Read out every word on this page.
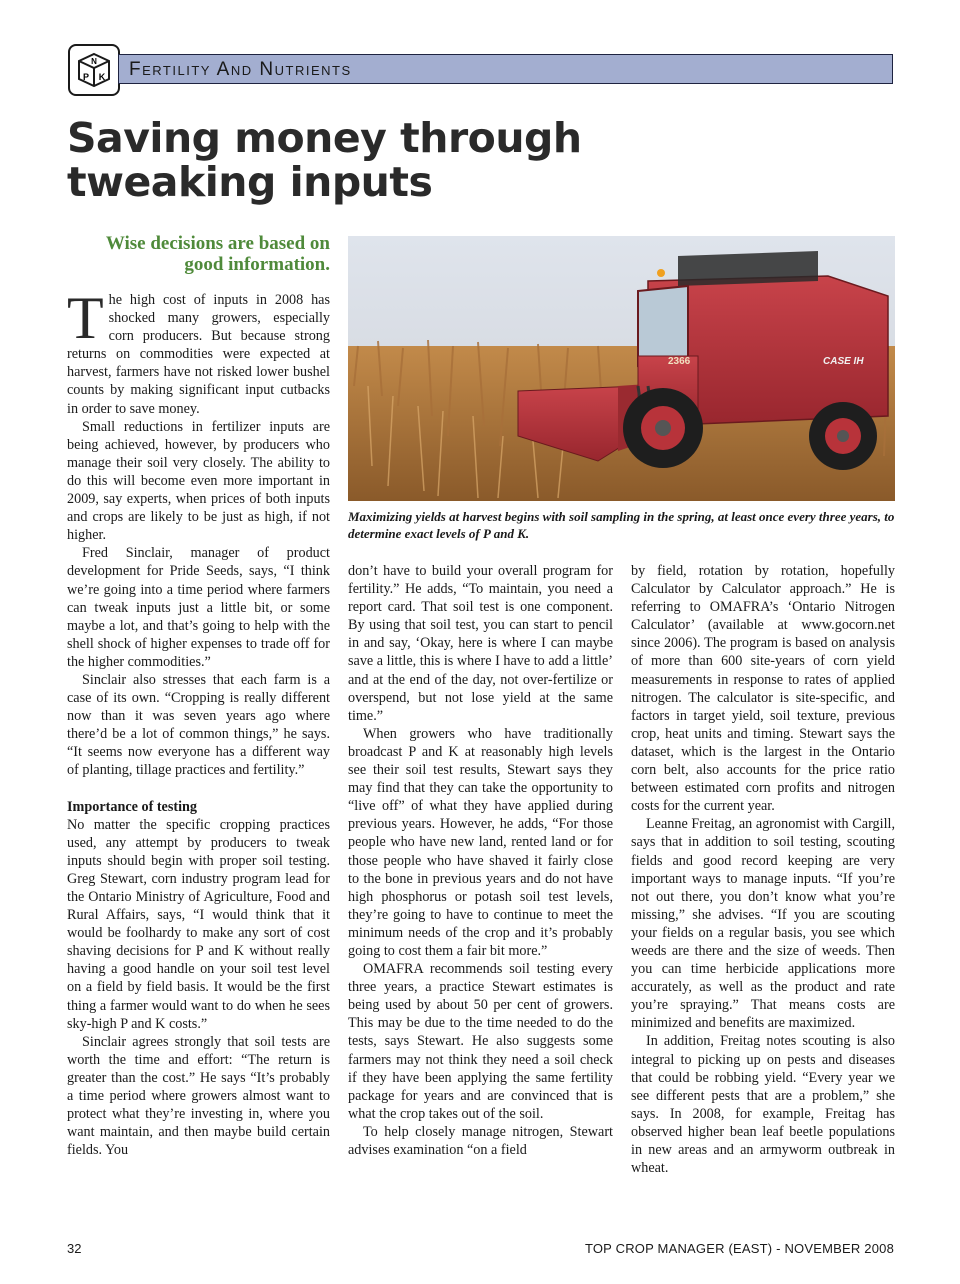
N
P K Fertility And Nutrients
Saving money through
tweaking inputs
Wise decisions are based on good information.
2366	CASE IH
Maximizing yields at harvest begins with soil sampling in the spring, at least once every three years, to determine exact levels of P and K.

The high cost of inputs in 2008 has shocked many growers, especially corn producers. But because strong returns on commodities were expected at harvest, farmers have not risked lower bushel counts by making significant input cutbacks in order to save money.

Small reductions in fertilizer inputs are being achieved, however, by producers who manage their soil very closely. The ability to do this will become even more important in 2009, say experts, when prices of both inputs and crops are likely to be just as high, if not higher.

Fred Sinclair, manager of product development for Pride Seeds, says, “I think we’re going into a time period where farmers can tweak inputs just a little bit, or some maybe a lot, and that’s going to help with the shell shock of higher expenses to trade off for the higher commodities.”

Sinclair also stresses that each farm is a case of its own. “Cropping is really different now than it was seven years ago where there’d be a lot of common things,” he says. “It seems now everyone has a different way of planting, tillage practices and fertility.”

Importance of testing

No matter the specific cropping practices used, any attempt by producers to tweak inputs should begin with proper soil testing. Greg Stewart, corn industry program lead for the Ontario Ministry of Agriculture, Food and Rural Affairs, says, “I would think that it would be foolhardy to make any sort of cost shaving decisions for P and K without really having a good handle on your soil test level on a field by field basis. It would be the first thing a farmer would want to do when he sees sky-high P and K costs.”

Sinclair agrees strongly that soil tests are worth the time and effort: “The return is greater than the cost.” He says “It’s probably a time period where growers almost want to protect what they’re investing in, where you want maintain, and then maybe build certain fields. You

don’t have to build your overall program for fertility.” He adds, “To maintain, you need a report card. That soil test is one component. By using that soil test, you can start to pencil in and say, ‘Okay, here is where I can maybe save a little, this is where I have to add a little’ and at the end of the day, not over-fertilize or overspend, but not lose yield at the same time.”

When growers who have traditionally broadcast P and K at reasonably high levels see their soil test results, Stewart says they may find that they can take the opportunity to “live off” of what they have applied during previous years. However, he adds, “For those people who have new land, rented land or for those people who have shaved it fairly close to the bone in previous years and do not have high phosphorus or potash soil test levels, they’re going to have to continue to meet the minimum needs of the crop and it’s probably going to cost them a fair bit more.”

OMAFRA recommends soil testing every three years, a practice Stewart estimates is being used by about 50 per cent of growers. This may be due to the time needed to do the tests, says Stewart. He also suggests some farmers may not think they need a soil check if they have been applying the same fertility package for years and are convinced that is what the crop takes out of the soil.

To help closely manage nitrogen, Stewart advises examination “on a field

by field, rotation by rotation, hopefully Calculator by Calculator approach.” He is referring to OMAFRA’s ‘Ontario Nitrogen Calculator’ (available at www.gocorn.net since 2006). The program is based on analysis of more than 600 site-years of corn yield measurements in response to rates of applied nitrogen. The calculator is site-specific, and factors in target yield, soil texture, previous crop, heat units and timing. Stewart says the dataset, which is the largest in the Ontario corn belt, also accounts for the price ratio between estimated corn profits and nitrogen costs for the current year.

Leanne Freitag, an agronomist with Cargill, says that in addition to soil testing, scouting fields and good record keeping are very important ways to manage inputs. “If you’re not out there, you don’t know what you’re missing,” she advises. “If you are scouting your fields on a regular basis, you see which weeds are there and the size of weeds. Then you can time herbicide applications more accurately, as well as the product and rate you’re spraying.” That means costs are minimized and benefits are maximized.

In addition, Freitag notes scouting is also integral to picking up on pests and diseases that could be robbing yield. “Every year we see different pests that are a problem,” she says. In 2008, for example, Freitag has observed higher bean leaf beetle populations in new areas and an armyworm outbreak in wheat.

32	TOP CROP MANAGER (EAST) - NOVEMBER 2008
